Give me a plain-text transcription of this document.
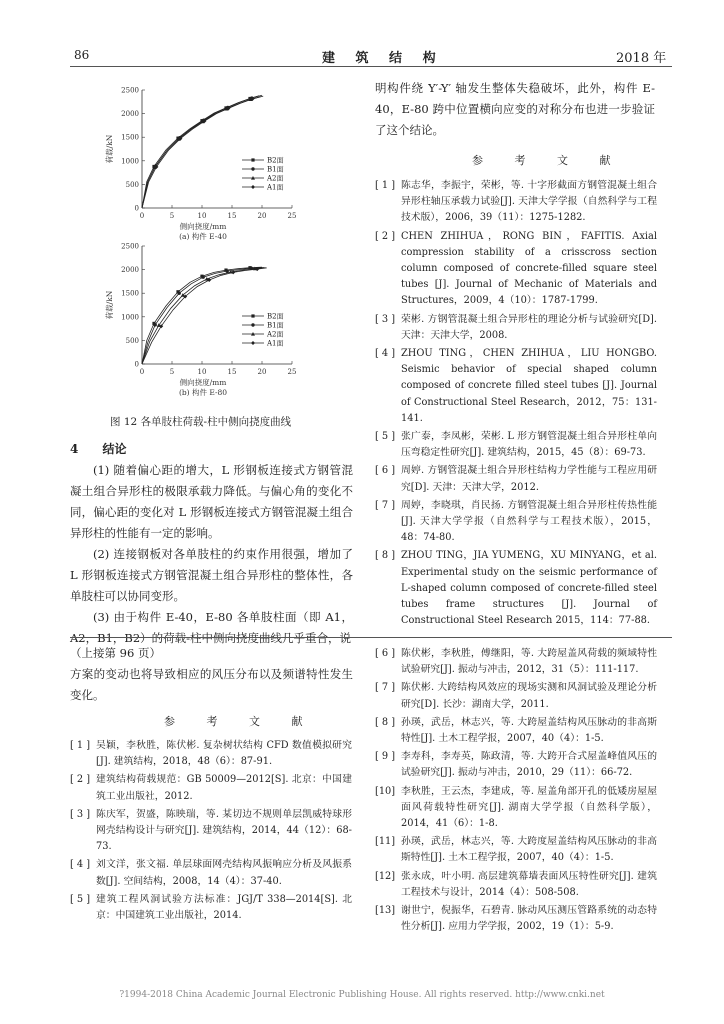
86	建 筑 结 构	2018 年
0	5	10	15	20	25
0
500
1000
1500
2000
2500
侧向挠度/mm
(a) 构件 E-40
荷载/kN	B2面
B1面
A2面
A1面
0	5	10	15	20	25
0
500
1000
1500
2000
2500
侧向挠度/mm
(b) 构件 E-80
荷载/kN	B2面
B1面
A2面
A1面
图 12 各单肢柱荷载-柱中侧向挠度曲线
4 结论

(1) 随着偏心距的增大，L 形钢板连接式方钢管混凝土组合异形柱的极限承载力降低。与偏心角的变化不同，偏心距的变化对 L 形钢板连接式方钢管混凝土组合异形柱的性能有一定的影响。

(2) 连接钢板对各单肢柱的约束作用很强，增加了 L 形钢板连接式方钢管混凝土组合异形柱的整体性，各单肢柱可以协同变形。

(3) 由于构件 E-40，E-80 各单肢柱面（即 A1，A2，B1，B2）的荷载-柱中侧向挠度曲线几乎重合，说

明构件绕 Y′-Y′ 轴发生整体失稳破坏，此外，构件 E-40，E-80 跨中位置横向应变的对称分布也进一步验证了这个结论。

参 考 文 献
[ 1 ] 陈志华，李振宇，荣彬，等. 十字形截面方钢管混凝土组合异形柱轴压承载力试验[J]. 天津大学学报（自然科学与工程技术版），2006，39（11）：1275-1282.
[ 2 ] CHEN ZHIHUA，RONG BIN，FAFITIS. Axial compression stability of a crisscross section column composed of concrete-filled square steel tubes [J]. Journal of Mechanic of Materials and Structures，2009，4（10）：1787-1799.
[ 3 ] 荣彬. 方钢管混凝土组合异形柱的理论分析与试验研究[D]. 天津：天津大学，2008.
[ 4 ] ZHOU TING，CHEN ZHIHUA，LIU HONGBO. Seismic behavior of special shaped column composed of concrete filled steel tubes [J]. Journal of Constructional Steel Research，2012，75：131-141.
[ 5 ] 张广泰，李凤彬，荣彬. L 形方钢管混凝土组合异形柱单向压弯稳定性研究[J]. 建筑结构，2015，45（8）：69-73.
[ 6 ] 周婷. 方钢管混凝土组合异形柱结构力学性能与工程应用研究[D]. 天津：天津大学，2012.
[ 7 ] 周婷，李晓琪，肖民扬. 方钢管混凝土组合异形柱传热性能[J]. 天津大学学报（自然科学与工程技术版），2015，48：74-80.
[ 8 ] ZHOU TING，JIA YUMENG，XU MINYANG，et al. Experimental study on the seismic performance of L-shaped column composed of concrete-filled steel tubes frame structures [J]. Journal of Constructional Steel Research 2015，114：77-88.

（上接第 96 页）

方案的变动也将导致相应的风压分布以及频谱特性发生变化。

参 考 文 献
[ 1 ] 吴颖，李秋胜，陈伏彬. 复杂树状结构 CFD 数值模拟研究[J]. 建筑结构，2018，48（6）：87-91.
[ 2 ] 建筑结构荷载规范：GB 50009—2012[S]. 北京：中国建筑工业出版社，2012.
[ 3 ] 陈庆军，贺盛，陈映瑞，等. 某切边不规则单层凯威特球形网壳结构设计与研究[J]. 建筑结构，2014，44（12）：68-73.
[ 4 ] 刘文洋，张文福. 单层球面网壳结构风振响应分析及风振系数[J]. 空间结构，2008，14（4）：37-40.
[ 5 ] 建筑工程风洞试验方法标准：JGJ/T 338—2014[S]. 北京：中国建筑工业出版社，2014.
[ 6 ] 陈伏彬，李秋胜，傅继阳，等. 大跨屋盖风荷载的频域特性试验研究[J]. 振动与冲击，2012，31（5）：111-117.
[ 7 ] 陈伏彬. 大跨结构风效应的现场实测和风洞试验及理论分析研究[D]. 长沙：湖南大学，2011.
[ 8 ] 孙瑛，武岳，林志兴，等. 大跨屋盖结构风压脉动的非高斯特性[J]. 土木工程学报，2007，40（4）：1-5.
[ 9 ] 李寿科，李寿英，陈政清，等. 大跨开合式屋盖峰值风压的试验研究[J]. 振动与冲击，2010，29（11）：66-72.
[10] 李秋胜，王云杰，李建成，等. 屋盖角部开孔的低矮房屋屋面风荷载特性研究[J]. 湖南大学学报（自然科学版），2014，41（6）：1-8.
[11] 孙瑛，武岳，林志兴，等. 大跨度屋盖结构风压脉动的非高斯特性[J]. 土木工程学报，2007，40（4）：1-5.
[12] 张永成，叶小明. 高层建筑幕墙表面风压特性研究[J]. 建筑工程技术与设计，2014（4）：508-508.
[13] 谢世宁，倪振华，石碧青. 脉动风压测压管路系统的动态特性分析[J]. 应用力学学报，2002，19（1）：5-9.
?1994-2018 China Academic Journal Electronic Publishing House. All rights reserved. http://www.cnki.net
